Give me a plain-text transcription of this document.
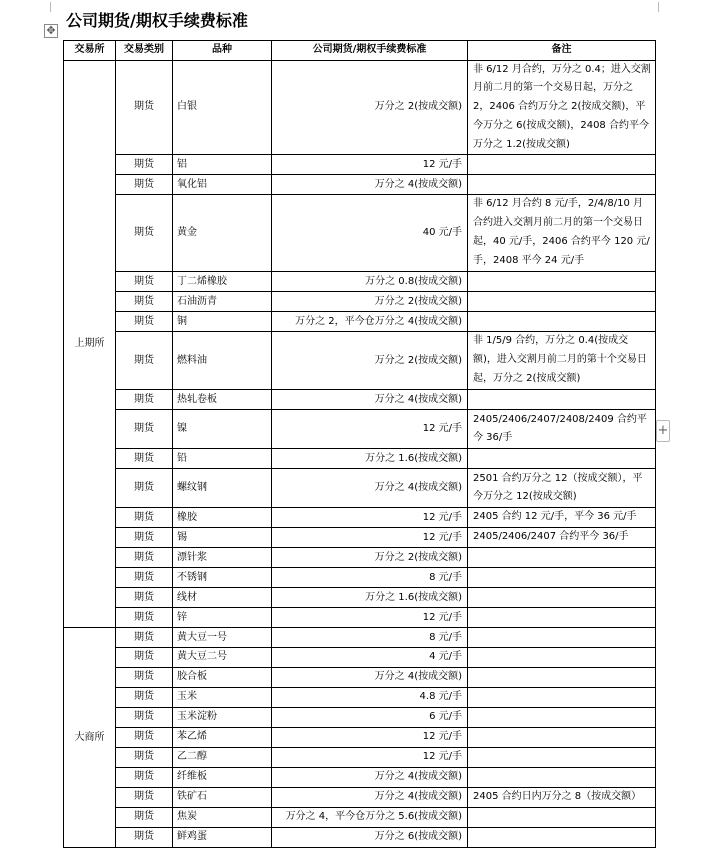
✥
公司期货/期权手续费标准
交易所	交易类别	品种	公司期货/期权手续费标准	备注
上期所	期货	白银	万分之 2(按成交额)	非 6/12 月合约，万分之 0.4；进入交割月前二月的第一个交易日起，万分之 2，2406 合约万分之 2(按成交额)，平今万分之 6(按成交额)，2408 合约平今万分之 1.2(按成交额)
	期货	铝	12 元/手	
	期货	氧化铝	万分之 4(按成交额)	
	期货	黄金	40 元/手	非 6/12 月合约 8 元/手，2/4/8/10 月合约进入交割月前二月的第一个交易日起，40 元/手，2406 合约平今 120 元/手，2408 平今 24 元/手
	期货	丁二烯橡胶	万分之 0.8(按成交额)	
	期货	石油沥青	万分之 2(按成交额)	
	期货	铜	万分之 2，平今仓万分之 4(按成交额)	
	期货	燃料油	万分之 2(按成交额)	非 1/5/9 合约，万分之 0.4(按成交额)，进入交割月前二月的第十个交易日起，万分之 2(按成交额)
	期货	热轧卷板	万分之 4(按成交额)	
	期货	镍	12 元/手	2405/2406/2407/2408/2409 合约平今 36/手
	期货	铅	万分之 1.6(按成交额)	
	期货	螺纹钢	万分之 4(按成交额)	2501 合约万分之 12（按成交额），平今万分之 12(按成交额)
	期货	橡胶	12 元/手	2405 合约 12 元/手，平今 36 元/手
	期货	锡	12 元/手	2405/2406/2407 合约平今 36/手
	期货	漂针浆	万分之 2(按成交额)	
	期货	不锈钢	8 元/手	
	期货	线材	万分之 1.6(按成交额)	
	期货	锌	12 元/手	
大商所	期货	黄大豆一号	8 元/手	
	期货	黄大豆二号	4 元/手	
	期货	胶合板	万分之 4(按成交额)	
	期货	玉米	4.8 元/手	
	期货	玉米淀粉	6 元/手	
	期货	苯乙烯	12 元/手	
	期货	乙二醇	12 元/手	
	期货	纤维板	万分之 4(按成交额)	
	期货	铁矿石	万分之 4(按成交额)	2405 合约日内万分之 8（按成交额）
	期货	焦炭	万分之 4，平今仓万分之 5.6(按成交额)	
	期货	鲜鸡蛋	万分之 6(按成交额)	
+
